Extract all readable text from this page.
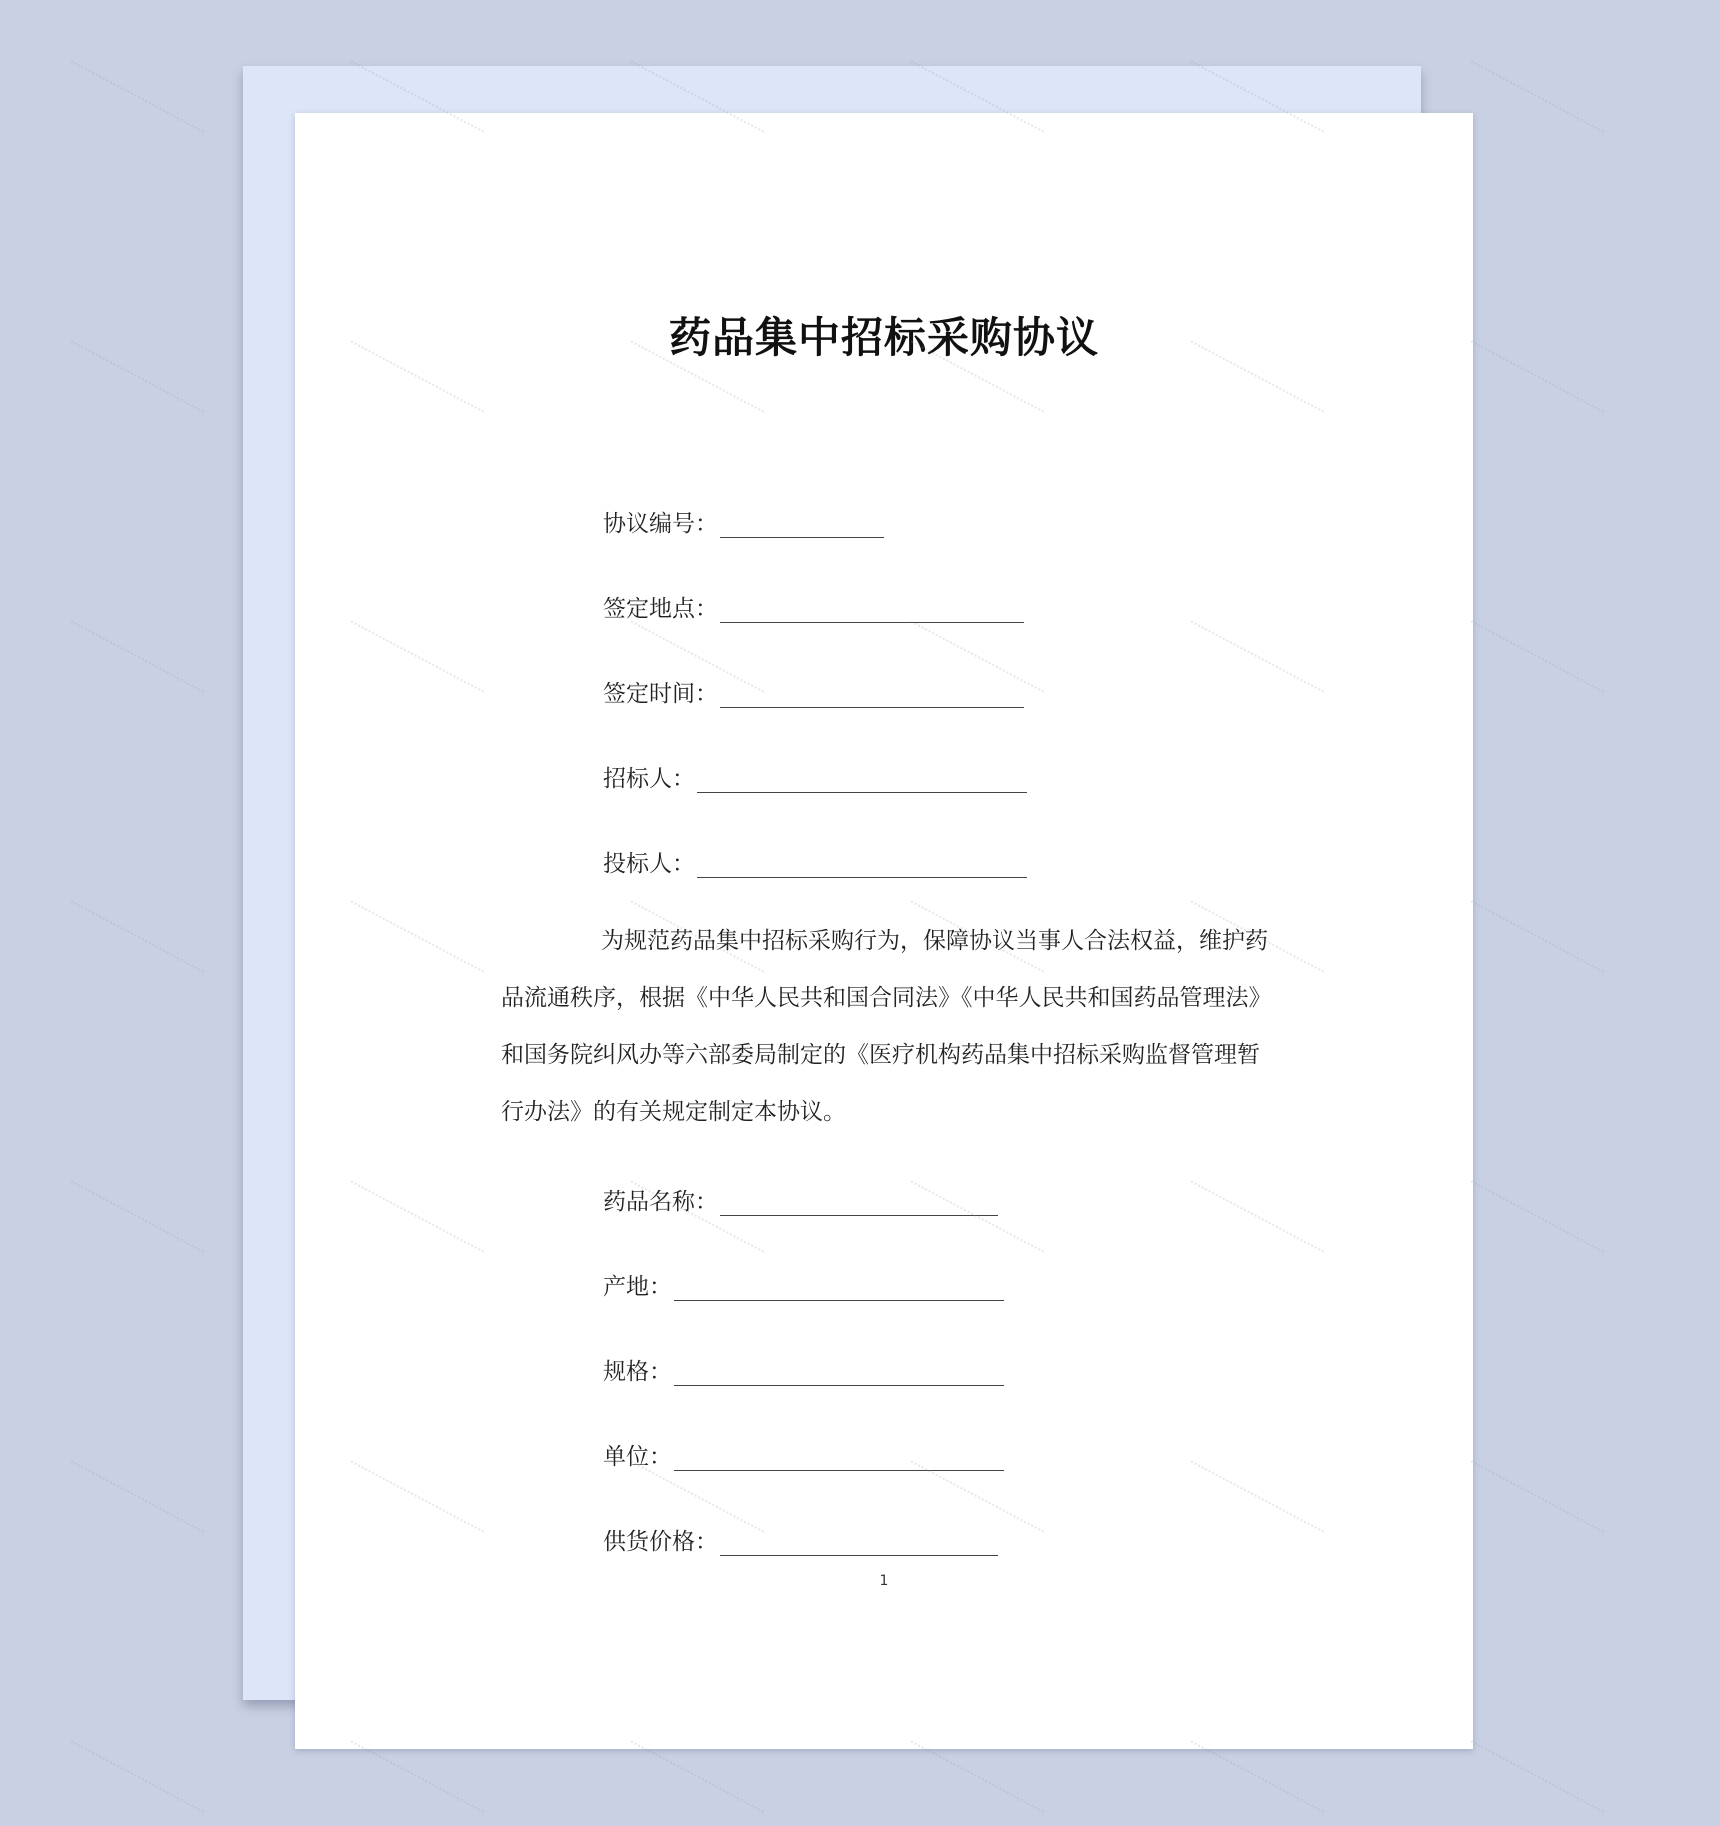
药品集中招标采购协议
协议编号：
签定地点：
签定时间：
招标人：
投标人：
为规范药品集中招标采购行为，保障协议当事人合法权益，维护药品流通秩序，根据《中华人民共和国合同法》《中华人民共和国药品管理法》和国务院纠风办等六部委局制定的《医疗机构药品集中招标采购监督管理暂行办法》的有关规定制定本协议。
药品名称：
产地：
规格：
单位：
供货价格：
1
